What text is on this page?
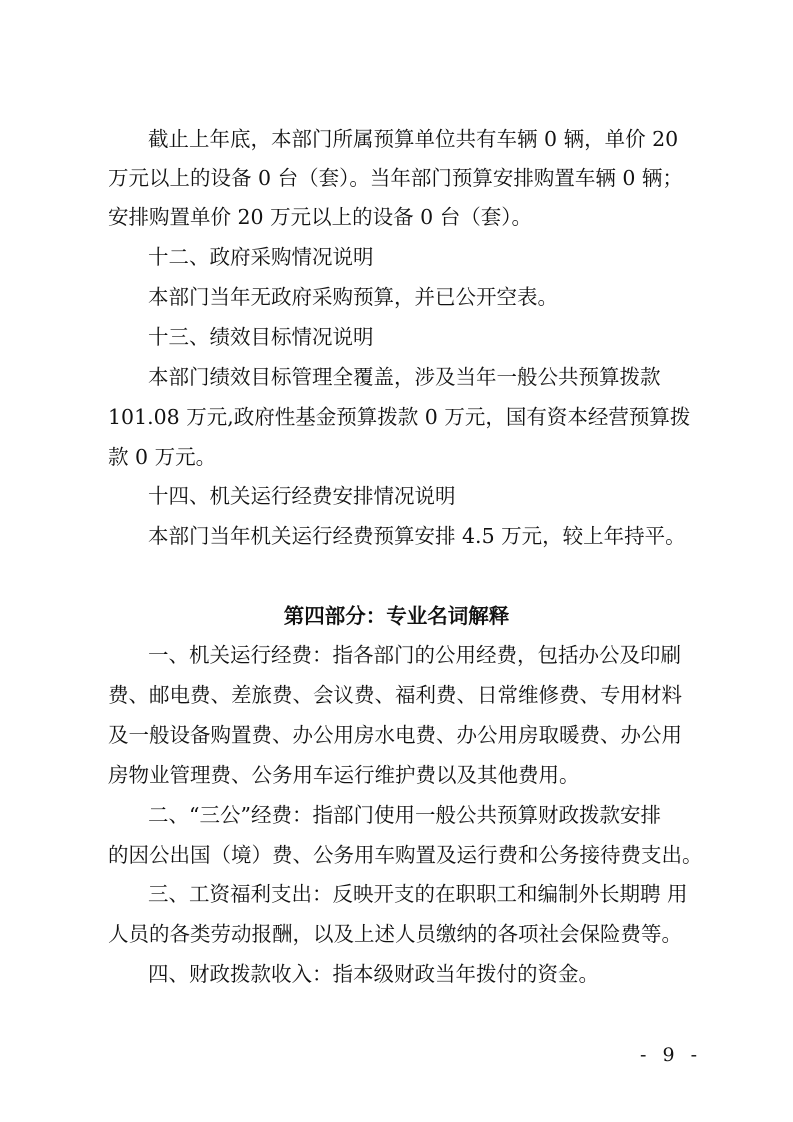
截止上年底，本部门所属预算单位共有车辆 0 辆，单价 20

万元以上的设备 0 台（套）。当年部门预算安排购置车辆 0 辆；

安排购置单价 20 万元以上的设备 0 台（套）。

十二、政府采购情况说明

本部门当年无政府采购预算，并已公开空表。

十三、绩效目标情况说明

本部门绩效目标管理全覆盖，涉及当年一般公共预算拨款

101.08 万元,政府性基金预算拨款 0 万元，国有资本经营预算拨

款 0 万元。

十四、机关运行经费安排情况说明

本部门当年机关运行经费预算安排 4.5 万元，较上年持平。

第四部分：专业名词解释

一、机关运行经费：指各部门的公用经费，包括办公及印刷

费、邮电费、差旅费、会议费、福利费、日常维修费、专用材料

及一般设备购置费、办公用房水电费、办公用房取暖费、办公用

房物业管理费、公务用车运行维护费以及其他费用。

二、“三公”经费：指部门使用一般公共预算财政拨款安排

的因公出国（境）费、公务用车购置及运行费和公务接待费支出。

三、工资福利支出：反映开支的在职职工和编制外长期聘 用

人员的各类劳动报酬，以及上述人员缴纳的各项社会保险费等。

四、财政拨款收入：指本级财政当年拨付的资金。

- 9 -
